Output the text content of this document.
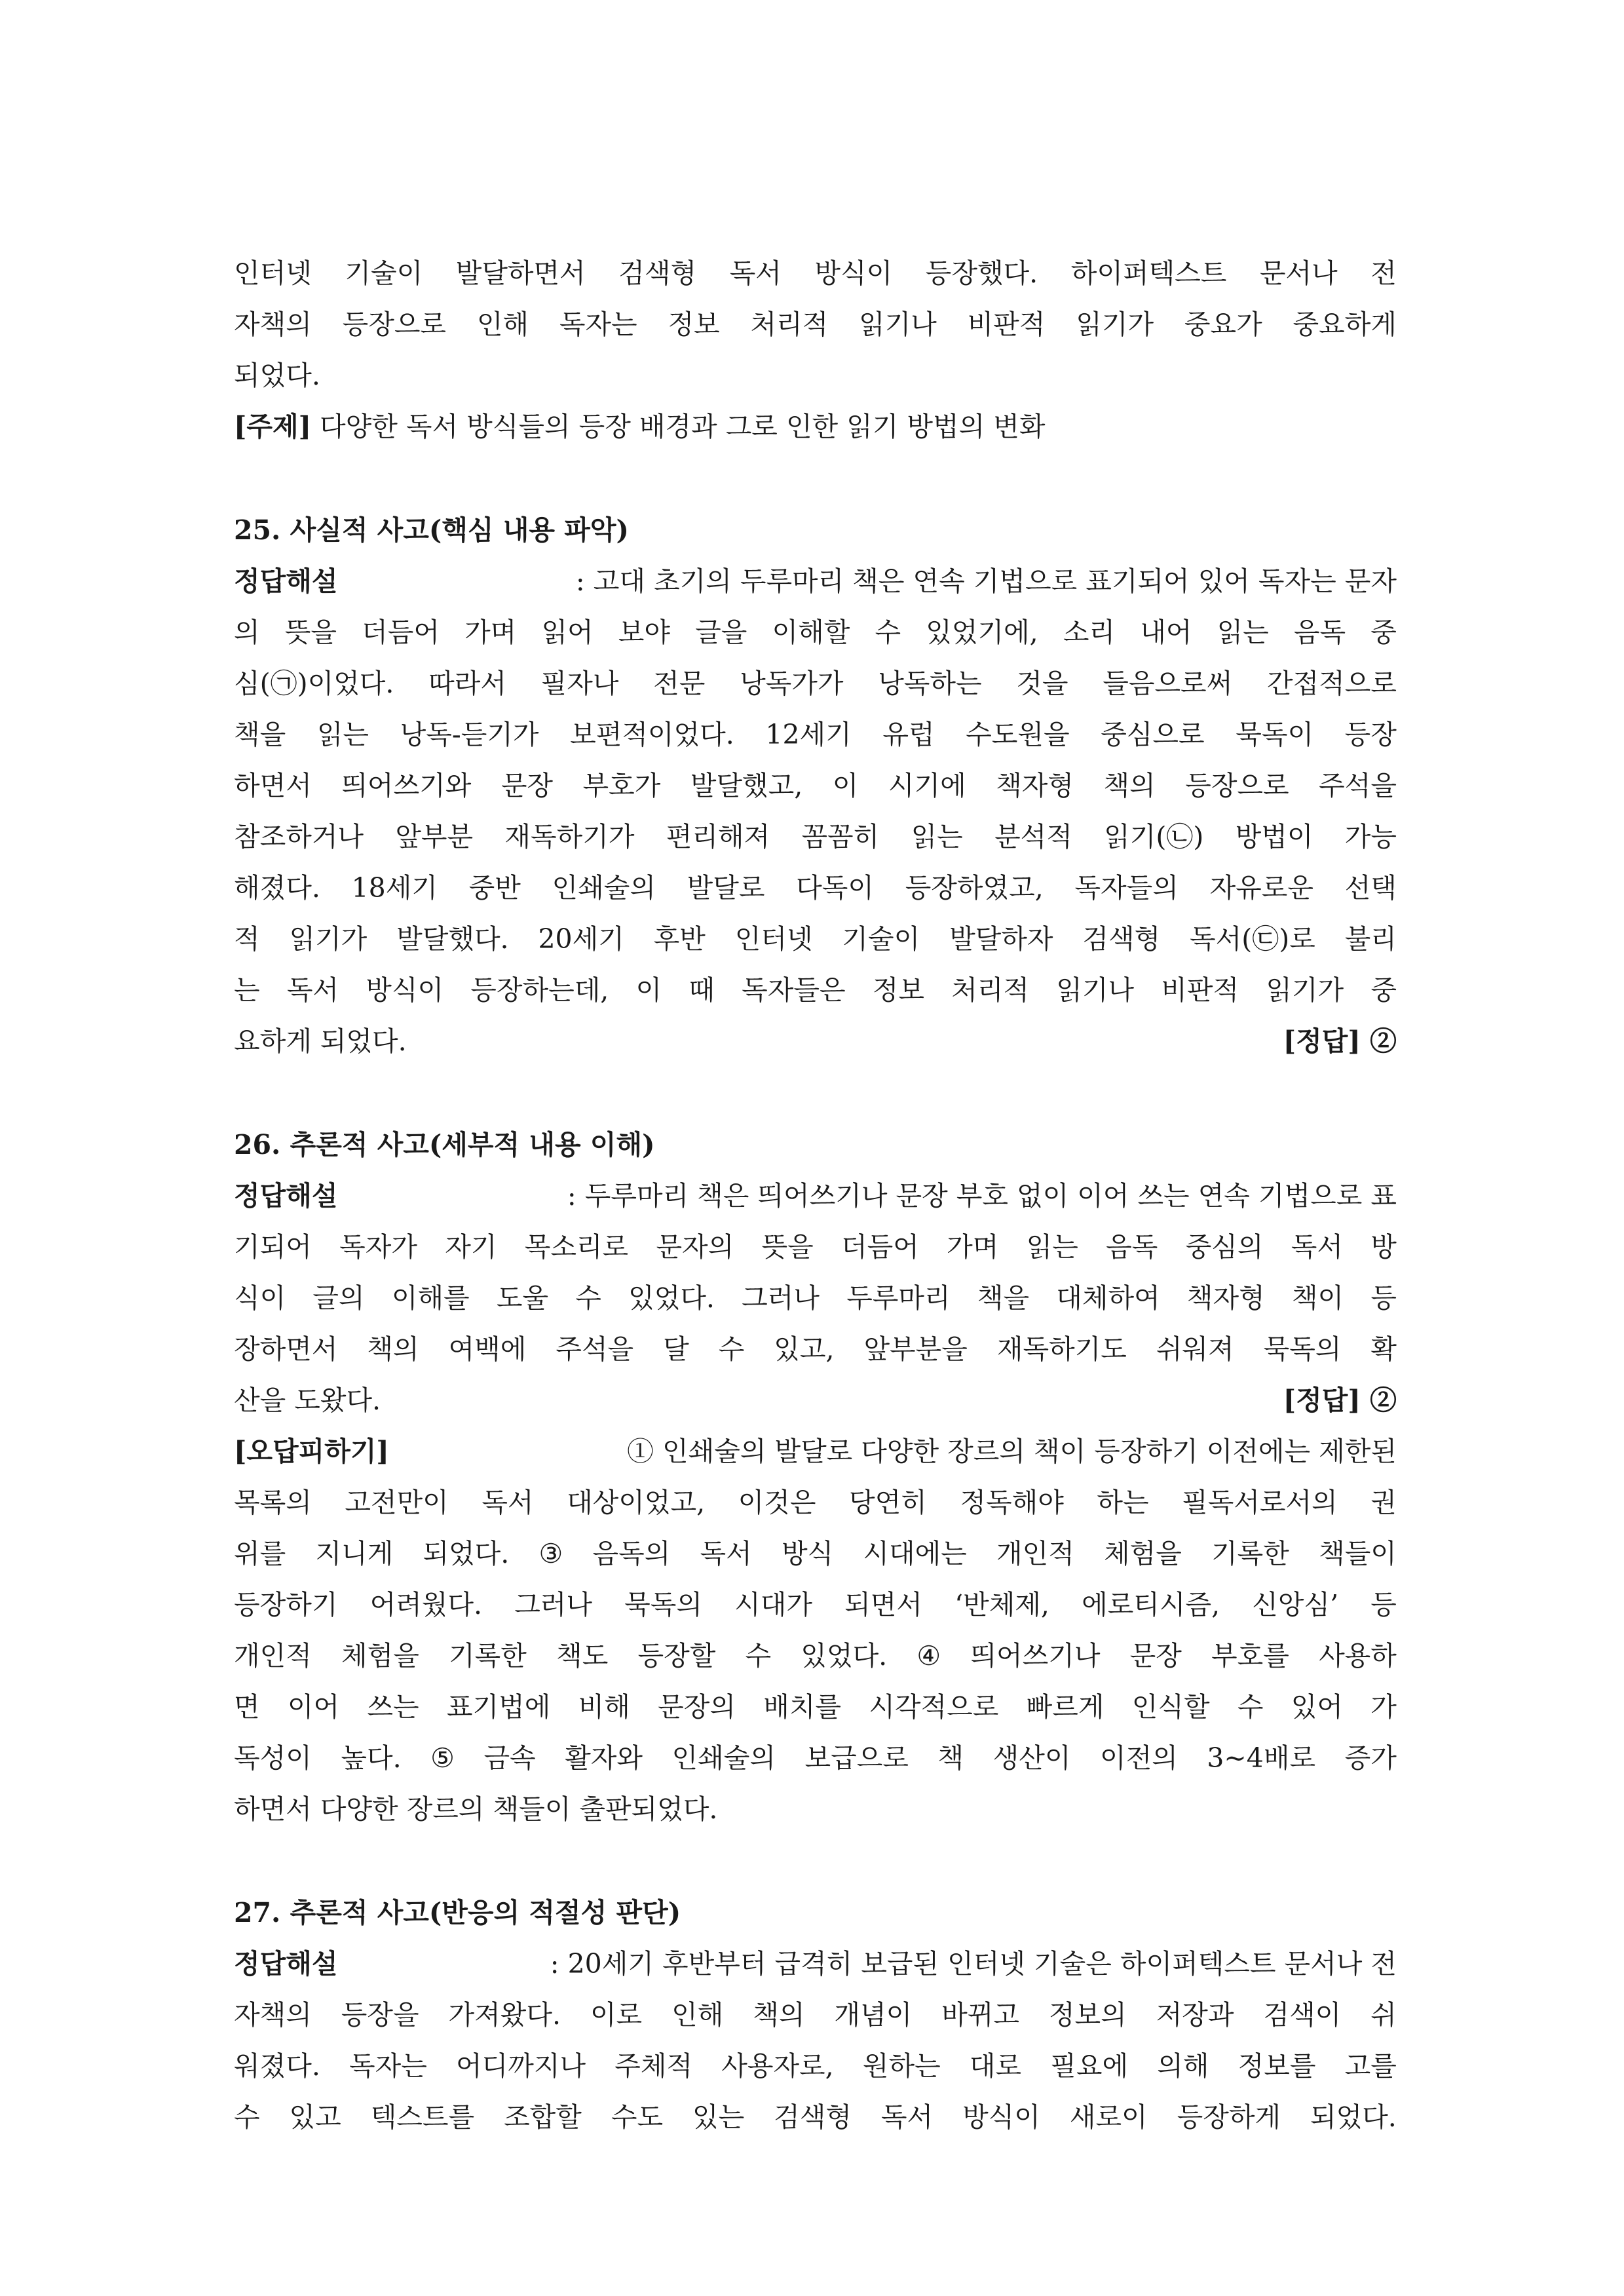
인터넷 기술이 발달하면서 검색형 독서 방식이 등장했다. 하이퍼텍스트 문서나 전
자책의 등장으로 인해 독자는 정보 처리적 읽기나 비판적 읽기가 중요가 중요하게
되었다.
[주제] 다양한 독서 방식들의 등장 배경과 그로 인한 읽기 방법의 변화
25. 사실적 사고(핵심 내용 파악)
정답해설	: 고대 초기의 두루마리 책은 연속 기법으로 표기되어 있어 독자는 문자
의 뜻을 더듬어 가며 읽어 보야 글을 이해할 수 있었기에, 소리 내어 읽는 음독 중
심(㉠)이었다. 따라서 필자나 전문 낭독가가 낭독하는 것을 들음으로써 간접적으로
책을 읽는 낭독-듣기가 보편적이었다. 12세기 유럽 수도원을 중심으로 묵독이 등장
하면서 띄어쓰기와 문장 부호가 발달했고, 이 시기에 책자형 책의 등장으로 주석을
참조하거나 앞부분 재독하기가 편리해져 꼼꼼히 읽는 분석적 읽기(㉡) 방법이 가능
해졌다. 18세기 중반 인쇄술의 발달로 다독이 등장하였고, 독자들의 자유로운 선택
적 읽기가 발달했다. 20세기 후반 인터넷 기술이 발달하자 검색형 독서(㉢)로 불리
는 독서 방식이 등장하는데, 이 때 독자들은 정보 처리적 읽기나 비판적 읽기가 중
요하게 되었다.	[정답] ②
26. 추론적 사고(세부적 내용 이해)
정답해설	: 두루마리 책은 띄어쓰기나 문장 부호 없이 이어 쓰는 연속 기법으로 표
기되어 독자가 자기 목소리로 문자의 뜻을 더듬어 가며 읽는 음독 중심의 독서 방
식이 글의 이해를 도울 수 있었다. 그러나 두루마리 책을 대체하여 책자형 책이 등
장하면서 책의 여백에 주석을 달 수 있고, 앞부분을 재독하기도 쉬워져 묵독의 확
산을 도왔다.	[정답] ②
[오답피하기]	① 인쇄술의 발달로 다양한 장르의 책이 등장하기 이전에는 제한된
목록의 고전만이 독서 대상이었고, 이것은 당연히 정독해야 하는 필독서로서의 권
위를 지니게 되었다. ③ 음독의 독서 방식 시대에는 개인적 체험을 기록한 책들이
등장하기 어려웠다. 그러나 묵독의 시대가 되면서 ‘반체제, 에로티시즘, 신앙심’ 등
개인적 체험을 기록한 책도 등장할 수 있었다. ④ 띄어쓰기나 문장 부호를 사용하
면 이어 쓰는 표기법에 비해 문장의 배치를 시각적으로 빠르게 인식할 수 있어 가
독성이 높다. ⑤ 금속 활자와 인쇄술의 보급으로 책 생산이 이전의 3~4배로 증가
하면서 다양한 장르의 책들이 출판되었다.
27. 추론적 사고(반응의 적절성 판단)
정답해설	: 20세기 후반부터 급격히 보급된 인터넷 기술은 하이퍼텍스트 문서나 전
자책의 등장을 가져왔다. 이로 인해 책의 개념이 바뀌고 정보의 저장과 검색이 쉬
워졌다. 독자는 어디까지나 주체적 사용자로, 원하는 대로 필요에 의해 정보를 고를
수 있고 텍스트를 조합할 수도 있는 검색형 독서 방식이 새로이 등장하게 되었다.
